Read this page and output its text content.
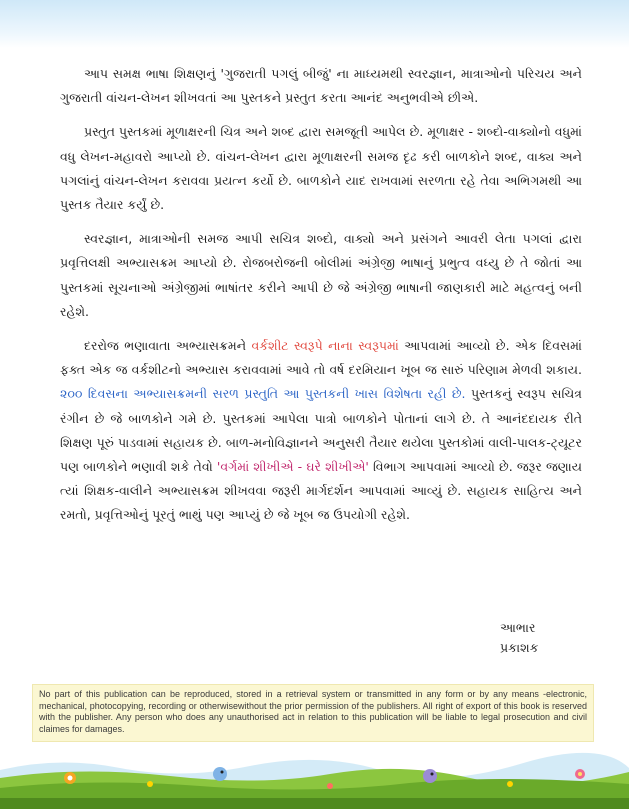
આપ સમક્ષ ભાષા શિક્ષણનું 'ગુજરાતી પગલું બીજું' ના માધ્યમથી સ્વરજ્ઞાન, માત્રાઓનો પરિચય અને ગુજરાતી વાંચન-લેખન શીખવતાં આ પુસ્તકને પ્રસ્તુત કરતા આનંદ અનુભવીએ છીએ.

પ્રસ્તુત પુસ્તકમાં મૂળાક્ષરની ચિત્ર અને શબ્દ દ્વારા સમજૂતી આપેલ છે. મૂળાક્ષર - શબ્દો-વાક્યોનો વધુમાં વધુ લેખન-મહાવરો આપ્યો છે. વાંચન-લેખન દ્વારા મૂળાક્ષરની સમજ દૃઢ કરી બાળકોને શબ્દ, વાક્ય અને પગલાંનું વાંચન-લેખન કરાવવા પ્રયત્ન કર્યો છે. બાળકોને યાદ રાખવામાં સરળતા રહે તેવા અભિગમથી આ પુસ્તક તૈયાર કર્યું છે.

સ્વરજ્ઞાન, માત્રાઓની સમજ આપી સચિત્ર શબ્દો, વાક્યો અને પ્રસંગને આવરી લેતા પગલાં દ્વારા પ્રવૃત્તિલક્ષી અભ્યાસક્રમ આપ્યો છે. રોજબરોજની બોલીમાં અંગ્રેજી ભાષાનું પ્રભુત્વ વધ્યુ છે તે જોતાં આ પુસ્તકમાં સૂચનાઓ અંગ્રેજીમાં ભાષાંતર કરીને આપી છે જે અંગ્રેજી ભાષાની જાણકારી માટે મહત્વનું બની રહેશે.

દરરોજ ભણાવાતા અભ્યાસક્રમને વર્કશીટ સ્વરૂપે નાના સ્વરૂપમાં આપવામાં આવ્યો છે. એક દિવસમાં ફક્ત એક જ વર્કશીટનો અભ્યાસ કરાવવામાં આવે તો વર્ષ દરમિયાન ખૂબ જ સારું પરિણામ મેળવી શકાય. ૨૦૦ દિવસના અભ્યાસક્રમની સરળ પ્રસ્તુતિ આ પુસ્તકની ખાસ વિશેષતા રહી છે. પુસ્તકનું સ્વરૂપ સચિત્ર રંગીન છે જે બાળકોને ગમે છે. પુસ્તકમાં આપેલા પાત્રો બાળકોને પોતાનાં લાગે છે. તે આનંદદાયક રીતે શિક્ષણ પૂરું પાડવામાં સહાયક છે. બાળ-મનોવિજ્ઞાનને અનુસરી તૈયાર થયેલા પુસ્તકોમાં વાલી-પાલક-ટ્યૂટર પણ બાળકોને ભણાવી શકે તેવો 'વર્ગમાં શીખીએ - ઘરે શીખીએ' વિભાગ આપવામાં આવ્યો છે. જરૂર જણાય ત્યાં શિક્ષક-વાલીને અભ્યાસક્રમ શીખવવા જરૂરી માર્ગદર્શન આપવામાં આવ્યું છે. સહાયક સાહિત્ય અને રમતો, પ્રવૃત્તિઓનું પૂરતું ભાથું પણ આપ્યું છે જે ખૂબ જ ઉપયોગી રહેશે.

આભાર
પ્રકાશક
No part of this publication can be reproduced, stored in a retrieval system or transmitted in any form or by any means -electronic, mechanical, photocopying, recording or otherwisewithout the prior permission of the publishers. All right of export of this book is reserved with the publisher. Any person who does any unauthorised act in relation to this publication will be liable to legal prosecution and civil claimes for damages.
